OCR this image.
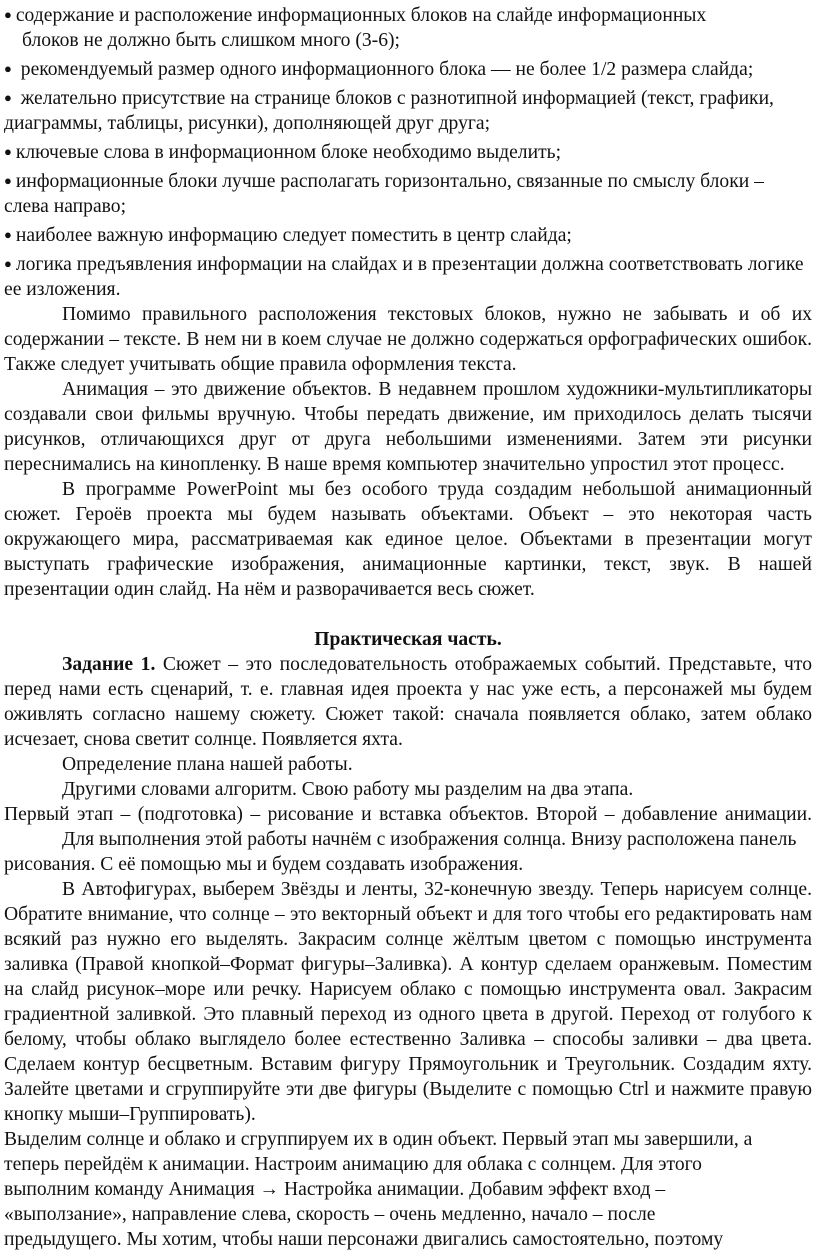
● содержание и расположение информационных блоков на слайде информационных
блоков не должно быть слишком много (3-6);
● рекомендуемый размер одного информационного блока — не более 1/2 размера слайда;
● желательно присутствие на странице блоков с разнотипной информацией (текст, графики, диаграммы, таблицы, рисунки), дополняющей друг друга;
● ключевые слова в информационном блоке необходимо выделить;
● информационные блоки лучше располагать горизонтально, связанные по смыслу блоки – слева направо;
● наиболее важную информацию следует поместить в центр слайда;
● логика предъявления информации на слайдах и в презентации должна соответствовать логике ее изложения.

Помимо правильного расположения текстовых блоков, нужно не забывать и об их содержании – тексте. В нем ни в коем случае не должно содержаться орфографических ошибок. Также следует учитывать общие правила оформления текста.

Анимация – это движение объектов. В недавнем прошлом художники-мультипликаторы создавали свои фильмы вручную. Чтобы передать движение, им приходилось делать тысячи рисунков, отличающихся друг от друга небольшими изменениями. Затем эти рисунки переснимались на кинопленку. В наше время компьютер значительно упростил этот процесс.

В программе PowerPoint мы без особого труда создадим небольшой анимационный сюжет. Героёв проекта мы будем называть объектами. Объект – это некоторая часть окружающего мира, рассматриваемая как единое целое. Объектами в презентации могут выступать графические изображения, анимационные картинки, текст, звук. В нашей презентации один слайд. На нём и разворачивается весь сюжет.

Практическая часть.

Задание 1. Сюжет – это последовательность отображаемых событий. Представьте, что перед нами есть сценарий, т. е. главная идея проекта у нас уже есть, а персонажей мы будем оживлять согласно нашему сюжету. Сюжет такой: сначала появляется облако, затем облако исчезает, снова светит солнце. Появляется яхта.

Определение плана нашей работы.

Другими словами алгоритм. Свою работу мы разделим на два этапа.

Первый этап – (подготовка) – рисование и вставка объектов. Второй – добавление анимации. Для выполнения этой работы начнём с изображения солнца. Внизу расположена панель

рисования. С её помощью мы и будем создавать изображения.

В Автофигурах, выберем Звёзды и ленты, 32-конечную звезду. Теперь нарисуем солнце. Обратите внимание, что солнце – это векторный объект и для того чтобы его редактировать нам всякий раз нужно его выделять. Закрасим солнце жёлтым цветом с помощью инструмента заливка (Правой кнопкой–Формат фигуры–Заливка). А контур сделаем оранжевым. Поместим на слайд рисунок–море или речку. Нарисуем облако с помощью инструмента овал. Закрасим градиентной заливкой. Это плавный переход из одного цвета в другой. Переход от голубого к белому, чтобы облако выглядело более естественно Заливка – способы заливки – два цвета. Сделаем контур бесцветным. Вставим фигуру Прямоугольник и Треугольник. Создадим яхту. Залейте цветами и сгруппируйте эти две фигуры (Выделите с помощью Ctrl и нажмите правую кнопку мыши–Группировать).

Выделим солнце и облако и сгруппируем их в один объект. Первый этап мы завершили, а

теперь перейдём к анимации. Настроим анимацию для облака с солнцем. Для этого

выполним команду Анимация → Настройка анимации. Добавим эффект вход –

«выползание», направление слева, скорость – очень медленно, начало – после

предыдущего. Мы хотим, чтобы наши персонажи двигались самостоятельно, поэтому
